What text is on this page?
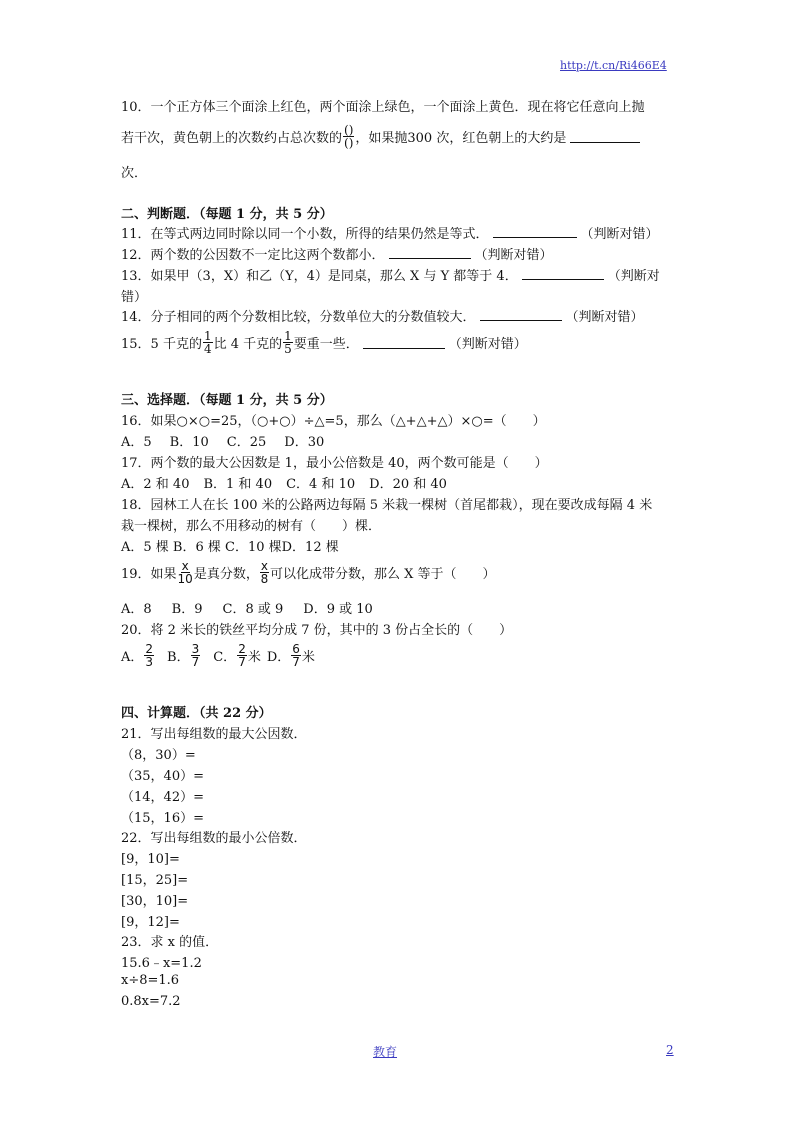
http://t.cn/Ri466E4
10．一个正方体三个面涂上红色，两个面涂上绿色，一个面涂上黄色．现在将它任意向上抛
若干次，黄色朝上的次数约占总次数的 $\frac{()}{()}$ ，如果抛300 次，红色朝上的大约是
次．
二、判断题．（每题 1 分，共 5 分）
11．在等式两边同时除以同一个小数，所得的结果仍然是等式．	（判断对错）
12．两个数的公因数不一定比这两个数都小．	（判断对错）
13．如果甲（3，X）和乙（Y，4）是同桌，那么 X 与 Y 都等于 4．	（判断对
错）
14．分子相同的两个分数相比较，分数单位大的分数值较大．	（判断对错）
15．5 千克的 $\frac{1}{4}$ 比 4 千克的 $\frac{1}{5}$ 要重一些．	（判断对错）
三、选择题．（每题 1 分，共 5 分）
16．如果○×○=25，（○+○）÷△=5，那么（△+△+△）×○=（　　）
A．5 B．10 C．25 D．30
17．两个数的最大公因数是 1，最小公倍数是 40，两个数可能是（　　）
A．2 和 40 B．1 和 40 C．4 和 10 D．20 和 40
18．园林工人在长 100 米的公路两边每隔 5 米栽一棵树（首尾都栽），现在要改成每隔 4 米
栽一棵树，那么不用移动的树有（　　）棵．
A．5 棵 B．6 棵 C．10 棵D．12 棵
19．如果 $\frac{x}{10}$ 是真分数， $\frac{x}{8}$ 可以化成带分数，那么 X 等于（　　）
A．8 B．9 C．8 或 9 D．9 或 10
20．将 2 米长的铁丝平均分成 7 份，其中的 3 份占全长的（　　）
A． $\frac{2}{3}$ B． $\frac{3}{7}$ C． $\frac{2}{7}$ 米 D． $\frac{6}{7}$ 米
四、计算题．（共 22 分）
21．写出每组数的最大公因数．
（8，30）=
（35，40）=
（14，42）=
（15，16）=
22．写出每组数的最小公倍数．
[9，10]=
[15，25]=
[30，10]=
[9，12]=
23．求 x 的值．
15.6﹣x=1.2
x÷8=1.6
0.8x=7.2
教育	2
